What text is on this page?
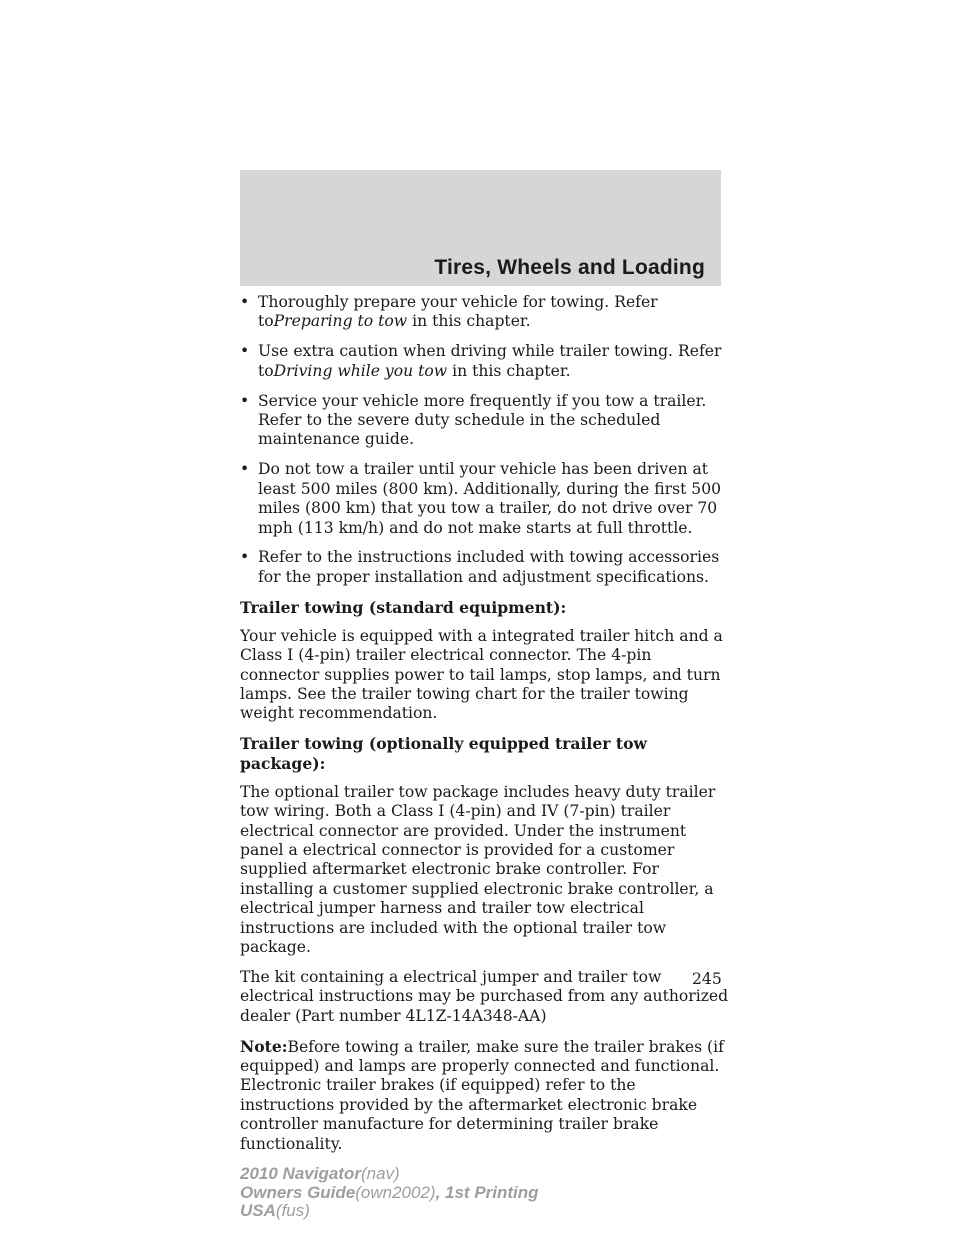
Tires, Wheels and Loading
• Thoroughly prepare your vehicle for towing. Refer toPreparing to tow in this chapter.
• Use extra caution when driving while trailer towing. Refer toDriving while you tow in this chapter.
• Service your vehicle more frequently if you tow a trailer. Refer to the severe duty schedule in the scheduled maintenance guide.
• Do not tow a trailer until your vehicle has been driven at least 500 miles (800 km). Additionally, during the first 500 miles (800 km) that you tow a trailer, do not drive over 70 mph (113 km/h) and do not make starts at full throttle.
• Refer to the instructions included with towing accessories for the proper installation and adjustment specifications.
Trailer towing (standard equipment):
Your vehicle is equipped with a integrated trailer hitch and a Class I (4-pin) trailer electrical connector. The 4-pin connector supplies power to tail lamps, stop lamps, and turn lamps. See the trailer towing chart for the trailer towing weight recommendation.
Trailer towing (optionally equipped trailer tow package):
The optional trailer tow package includes heavy duty trailer tow wiring. Both a Class I (4-pin) and IV (7-pin) trailer electrical connector are provided. Under the instrument panel a electrical connector is provided for a customer supplied aftermarket electronic brake controller. For installing a customer supplied electronic brake controller, a electrical jumper harness and trailer tow electrical instructions are included with the optional trailer tow package.
The kit containing a electrical jumper and trailer tow electrical instructions may be purchased from any authorized dealer (Part number 4L1Z-14A348-AA)
Note:Before towing a trailer, make sure the trailer brakes (if equipped) and lamps are properly connected and functional. Electronic trailer brakes (if equipped) refer to the instructions provided by the aftermarket electronic brake controller manufacture for determining trailer brake functionality.
245
2010 Navigator(nav)
Owners Guide(own2002), 1st Printing
USA(fus)
